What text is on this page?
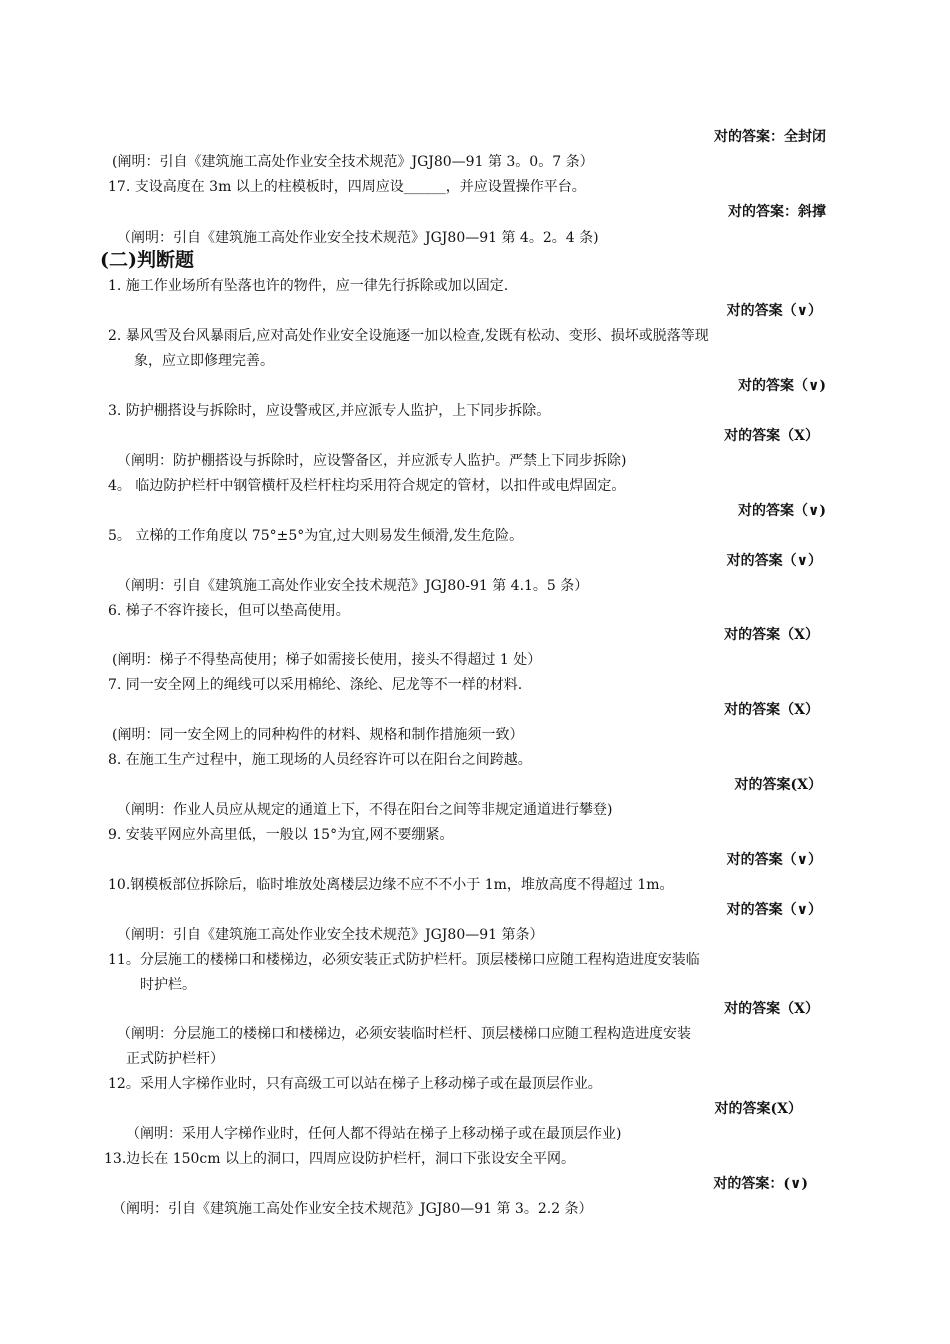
对的答案：全封闭
(阐明：引自《建筑施工高处作业安全技术规范》JGJ80—91 第 3。0。7 条）
17. 支设高度在 3m 以上的柱模板时，四周应设______，并应设置操作平台。
对的答案：斜撑
（阐明：引自《建筑施工高处作业安全技术规范》JGJ80—91 第 4。2。4 条)
(二)判断题
1. 施工作业场所有坠落也许的物件，应一律先行拆除或加以固定.
对的答案（∨）
2. 暴风雪及台风暴雨后,应对高处作业安全设施逐一加以检查,发既有松动、变形、损坏或脱落等现
象，应立即修理完善。
对的答案（∨)
3. 防护棚搭设与拆除时，应设警戒区,并应派专人监护，上下同步拆除。
对的答案（X）
（阐明：防护棚搭设与拆除时，应设警备区，并应派专人监护。严禁上下同步拆除)
4。 临边防护栏杆中钢管横杆及栏杆柱均采用符合规定的管材，以扣件或电焊固定。
对的答案（∨)
5。 立梯的工作角度以 75°±5°为宜,过大则易发生倾滑,发生危险。
对的答案（∨）
（阐明：引自《建筑施工高处作业安全技术规范》JGJ80-91 第 4.1。5 条）
6. 梯子不容许接长，但可以垫高使用。
对的答案（X）
(阐明：梯子不得垫高使用；梯子如需接长使用，接头不得超过 1 处）
7. 同一安全网上的绳线可以采用棉纶、涤纶、尼龙等不一样的材料.
对的答案（X）
(阐明：同一安全网上的同种构件的材料、规格和制作措施须一致）
8. 在施工生产过程中，施工现场的人员经容许可以在阳台之间跨越。
对的答案(X）
（阐明：作业人员应从规定的通道上下，不得在阳台之间等非规定通道进行攀登)
9. 安装平网应外高里低，一般以 15°为宜,网不要绷紧。
对的答案（∨）
10.钢模板部位拆除后，临时堆放处离楼层边缘不应不不小于 1m，堆放高度不得超过 1m。
对的答案（∨）
（阐明：引自《建筑施工高处作业安全技术规范》JGJ80—91 第条）
11。分层施工的楼梯口和楼梯边，必须安装正式防护栏杆。顶层楼梯口应随工程构造进度安装临
时护栏。
对的答案（X）
（阐明：分层施工的楼梯口和楼梯边，必须安装临时栏杆、顶层楼梯口应随工程构造进度安装
正式防护栏杆）
12。采用人字梯作业时，只有高级工可以站在梯子上移动梯子或在最顶层作业。
对的答案(X）
（阐明：采用人字梯作业时，任何人都不得站在梯子上移动梯子或在最顶层作业)
13.边长在 150cm 以上的洞口，四周应设防护栏杆，洞口下张设安全平网。
对的答案：(∨)
（阐明：引自《建筑施工高处作业安全技术规范》JGJ80—91 第 3。2.2 条）
